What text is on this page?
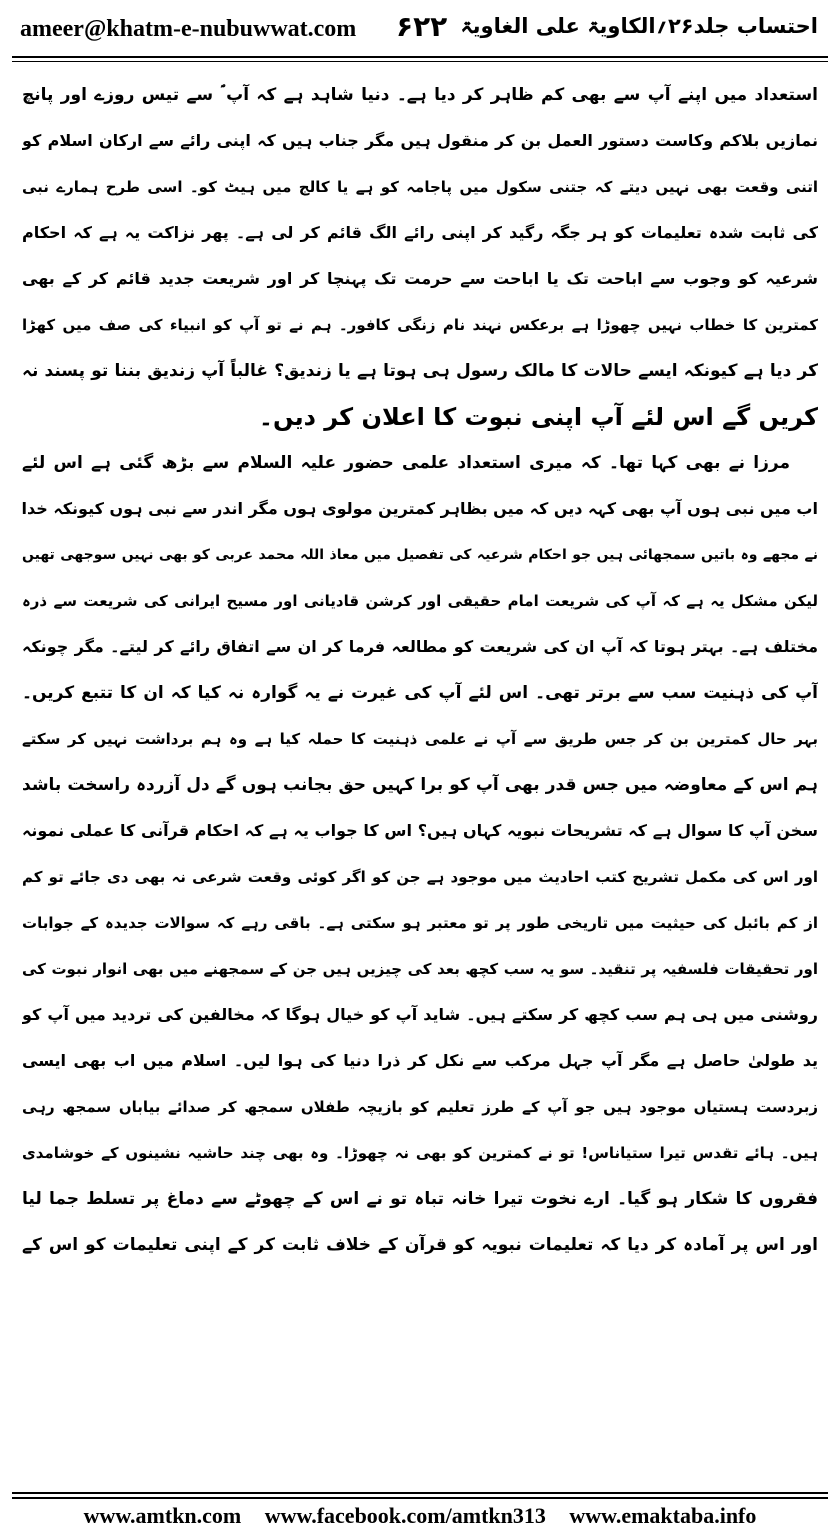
ameer@khatm-e-nubuwwat.com ۶۲۲ احتساب جلد۲۶؍الکاویۃ علی الغاویۃ
استعداد میں اپنے آپ سے بھی کم ظاہر کر دیا ہے۔ دنیا شاہد ہے کہ آپ ؐ سے تیس روزے اور پانچ
نمازیں بلاکم وکاست دستور العمل بن کر منقول ہیں مگر جناب ہیں کہ اپنی رائے سے ارکان اسلام کو
اتنی وقعت بھی نہیں دیتے کہ جتنی سکول میں پاجامہ کو ہے یا کالج میں ہیٹ کو۔ اسی طرح ہمارے نبی
کی ثابت شدہ تعلیمات کو ہر جگہ رگید کر اپنی رائے الگ قائم کر لی ہے۔ پھر نزاکت یہ ہے کہ احکام
شرعیہ کو وجوب سے اباحت تک یا اباحت سے حرمت تک پہنچا کر اور شریعت جدید قائم کر کے بھی
کمترین کا خطاب نہیں چھوڑا ہے برعکس نہند نام زنگی کافور۔ ہم نے تو آپ کو انبیاء کی صف میں کھڑا
کر دیا ہے کیونکہ ایسے حالات کا مالک رسول ہی ہوتا ہے یا زندیق؟ غالباً آپ زندیق بننا تو پسند نہ
کریں گے اس لئے آپ اپنی نبوت کا اعلان کر دیں۔
مرزا نے بھی کہا تھا۔ کہ میری استعداد علمی حضور علیہ السلام سے بڑھ گئی ہے اس لئے
اب میں نبی ہوں آپ بھی کہہ دیں کہ میں بظاہر کمترین مولوی ہوں مگر اندر سے نبی ہوں کیونکہ خدا
نے مجھے وہ باتیں سمجھائی ہیں جو احکام شرعیہ کی تفصیل میں معاذ اللہ محمد عربی کو بھی نہیں سوجھی تھیں
لیکن مشکل یہ ہے کہ آپ کی شریعت امام حقیقی اور کرشن قادیانی اور مسیح ایرانی کی شریعت سے ذرہ
مختلف ہے۔ بہتر ہوتا کہ آپ ان کی شریعت کو مطالعہ فرما کر ان سے اتفاق رائے کر لیتے۔ مگر چونکہ
آپ کی ذہنیت سب سے برتر تھی۔ اس لئے آپ کی غیرت نے یہ گوارہ نہ کیا کہ ان کا تتبع کریں۔
بہر حال کمترین بن کر جس طریق سے آپ نے علمی ذہنیت کا حملہ کیا ہے وہ ہم برداشت نہیں کر سکتے
ہم اس کے معاوضہ میں جس قدر بھی آپ کو برا کہیں حق بجانب ہوں گے دل آزردہ راسخت باشد
سخن آپ کا سوال ہے کہ تشریحات نبویہ کہاں ہیں؟ اس کا جواب یہ ہے کہ احکام قرآنی کا عملی نمونہ
اور اس کی مکمل تشریح کتب احادیث میں موجود ہے جن کو اگر کوئی وقعت شرعی نہ بھی دی جائے تو کم
از کم بائبل کی حیثیت میں تاریخی طور پر تو معتبر ہو سکتی ہے۔ باقی رہے کہ سوالات جدیدہ کے جوابات
اور تحقیقات فلسفیہ پر تنقید۔ سو یہ سب کچھ بعد کی چیزیں ہیں جن کے سمجھنے میں بھی انوار نبوت کی
روشنی میں ہی ہم سب کچھ کر سکتے ہیں۔ شاید آپ کو خیال ہوگا کہ مخالفین کی تردید میں آپ کو
ید طولیٰ حاصل ہے مگر آپ جہل مرکب سے نکل کر ذرا دنیا کی ہوا لیں۔ اسلام میں اب بھی ایسی
زبردست ہستیاں موجود ہیں جو آپ کے طرز تعلیم کو بازیچہ طفلاں سمجھ کر صدائے بیاباں سمجھ رہی
ہیں۔ ہائے تقدس تیرا ستیاناس! تو نے کمترین کو بھی نہ چھوڑا۔ وہ بھی چند حاشیہ نشینوں کے خوشامدی
فقروں کا شکار ہو گیا۔ ارے نخوت تیرا خانہ تباہ تو نے اس کے چھوٹے سے دماغ پر تسلط جما لیا
اور اس پر آمادہ کر دیا کہ تعلیمات نبویہ کو قرآن کے خلاف ثابت کر کے اپنی تعلیمات کو اس کے
www.amtkn.com www.facebook.com/amtkn313 www.emaktaba.info
